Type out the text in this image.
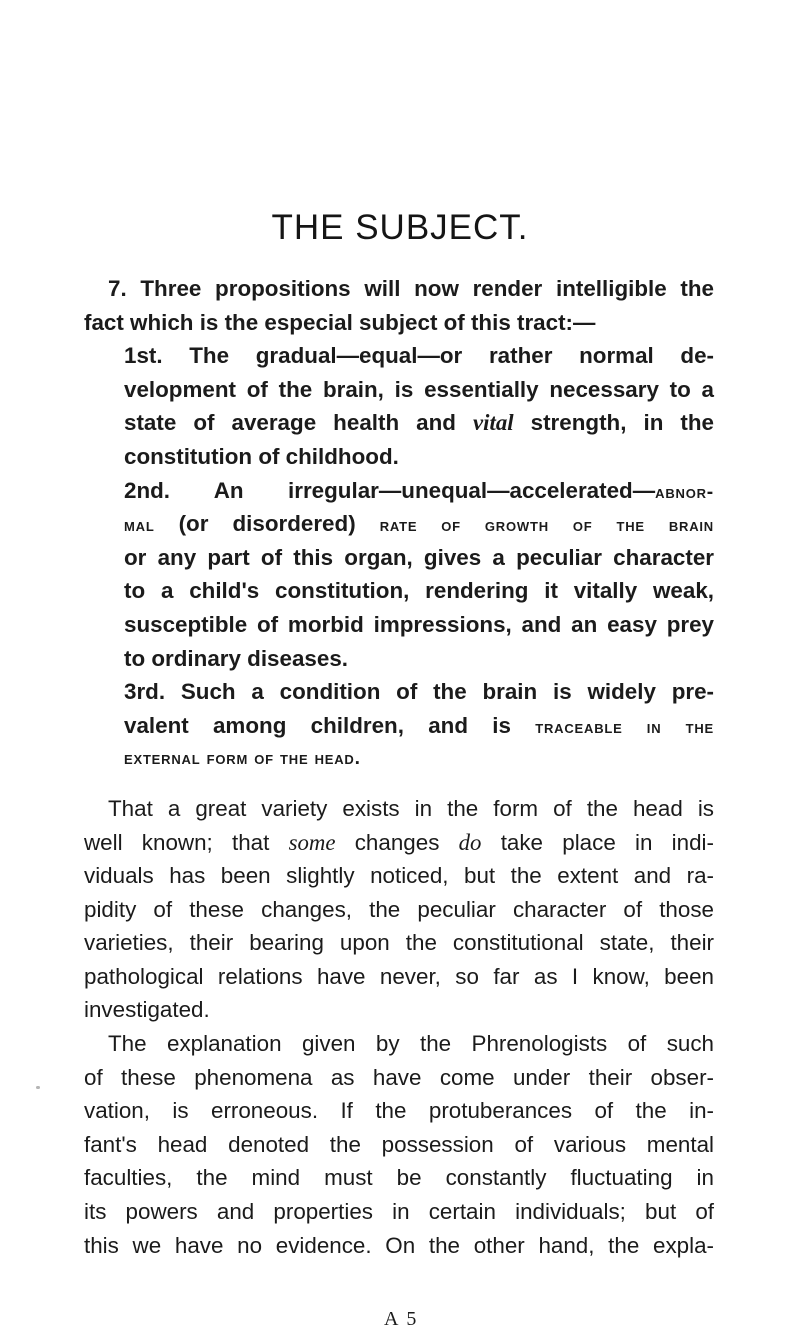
THE SUBJECT.
7. Three propositions will now render intelligible the
fact which is the especial subject of this tract:—
1st. The gradual—equal—or rather normal de-
velopment of the brain, is essentially necessary to a
state of average health and vital strength, in the
constitution of childhood.
2nd. An irregular—unequal—accelerated—abnor-
mal (or disordered) rate of growth of the brain
or any part of this organ, gives a peculiar character
to a child's constitution, rendering it vitally weak,
susceptible of morbid impressions, and an easy prey
to ordinary diseases.
3rd. Such a condition of the brain is widely pre-
valent among children, and is traceable in the
external form of the head.
That a great variety exists in the form of the head is
well known; that some changes do take place in indi-
viduals has been slightly noticed, but the extent and ra-
pidity of these changes, the peculiar character of those
varieties, their bearing upon the constitutional state, their
pathological relations have never, so far as I know, been
investigated.
The explanation given by the Phrenologists of such
of these phenomena as have come under their obser-
vation, is erroneous. If the protuberances of the in-
fant's head denoted the possession of various mental
faculties, the mind must be constantly fluctuating in
its powers and properties in certain individuals; but of
this we have no evidence. On the other hand, the expla-
A 5
